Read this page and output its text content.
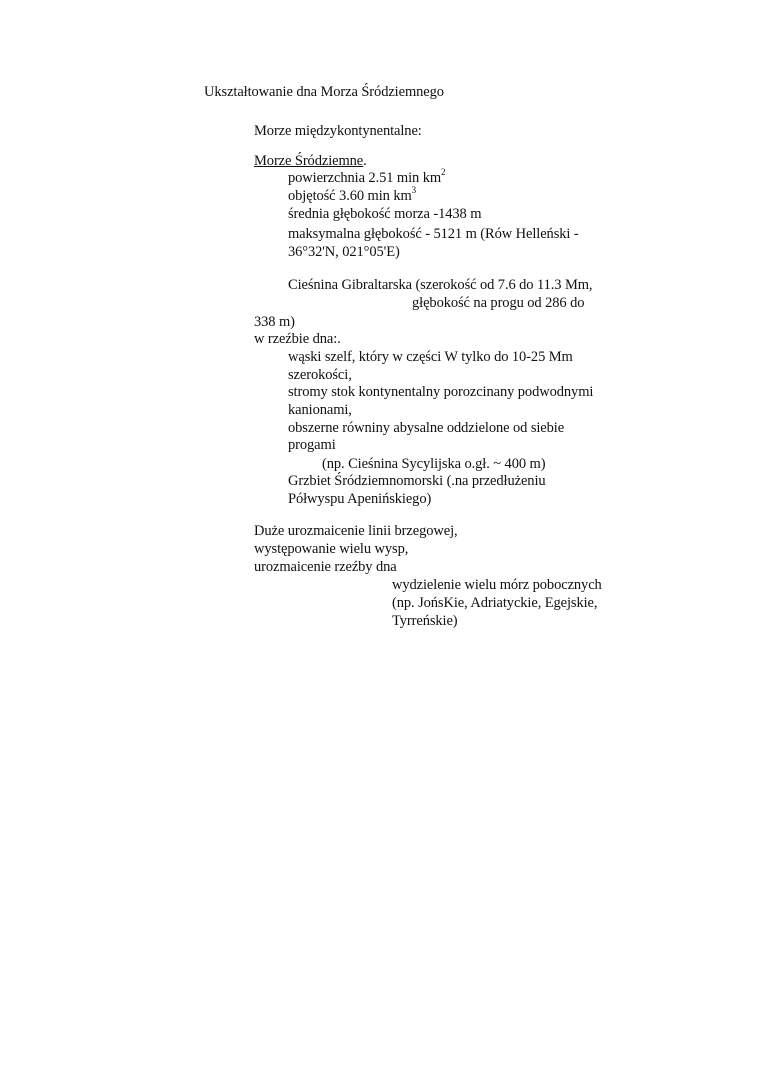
Ukształtowanie dna Morza Śródziemnego
Morze międzykontynentalne:
Morze Śródziemne.
powierzchnia 2.51 $\min km^2$
objętość 3.60 $\min km^3$
średnia głębokość morza -1438 m
maksymalna głębokość - 5121 m (Rów Helleński -
36°32'N, 021°05'E)
Cieśnina Gibraltarska (szerokość od 7.6 do 11.3 Mm,
głębokość na progu od 286 do
338 m)
w rzeźbie dna:.
wąski szelf, który w części W tylko do 10-25 Mm
szerokości,
stromy stok kontynentalny porozcinany podwodnymi
kanionami,
obszerne równiny abysalne oddzielone od siebie
progami
(np. Cieśnina Sycylijska o.gł. ~ 400 m)
Grzbiet Śródziemnomorski (.na przedłużeniu
Półwyspu Apenińskiego)
Duże urozmaicenie linii brzegowej,
występowanie wielu wysp,
urozmaicenie rzeźby dna
wydzielenie wielu mórz pobocznych
(np. JońsKie, Adriatyckie, Egejskie,
Tyrreńskie)
